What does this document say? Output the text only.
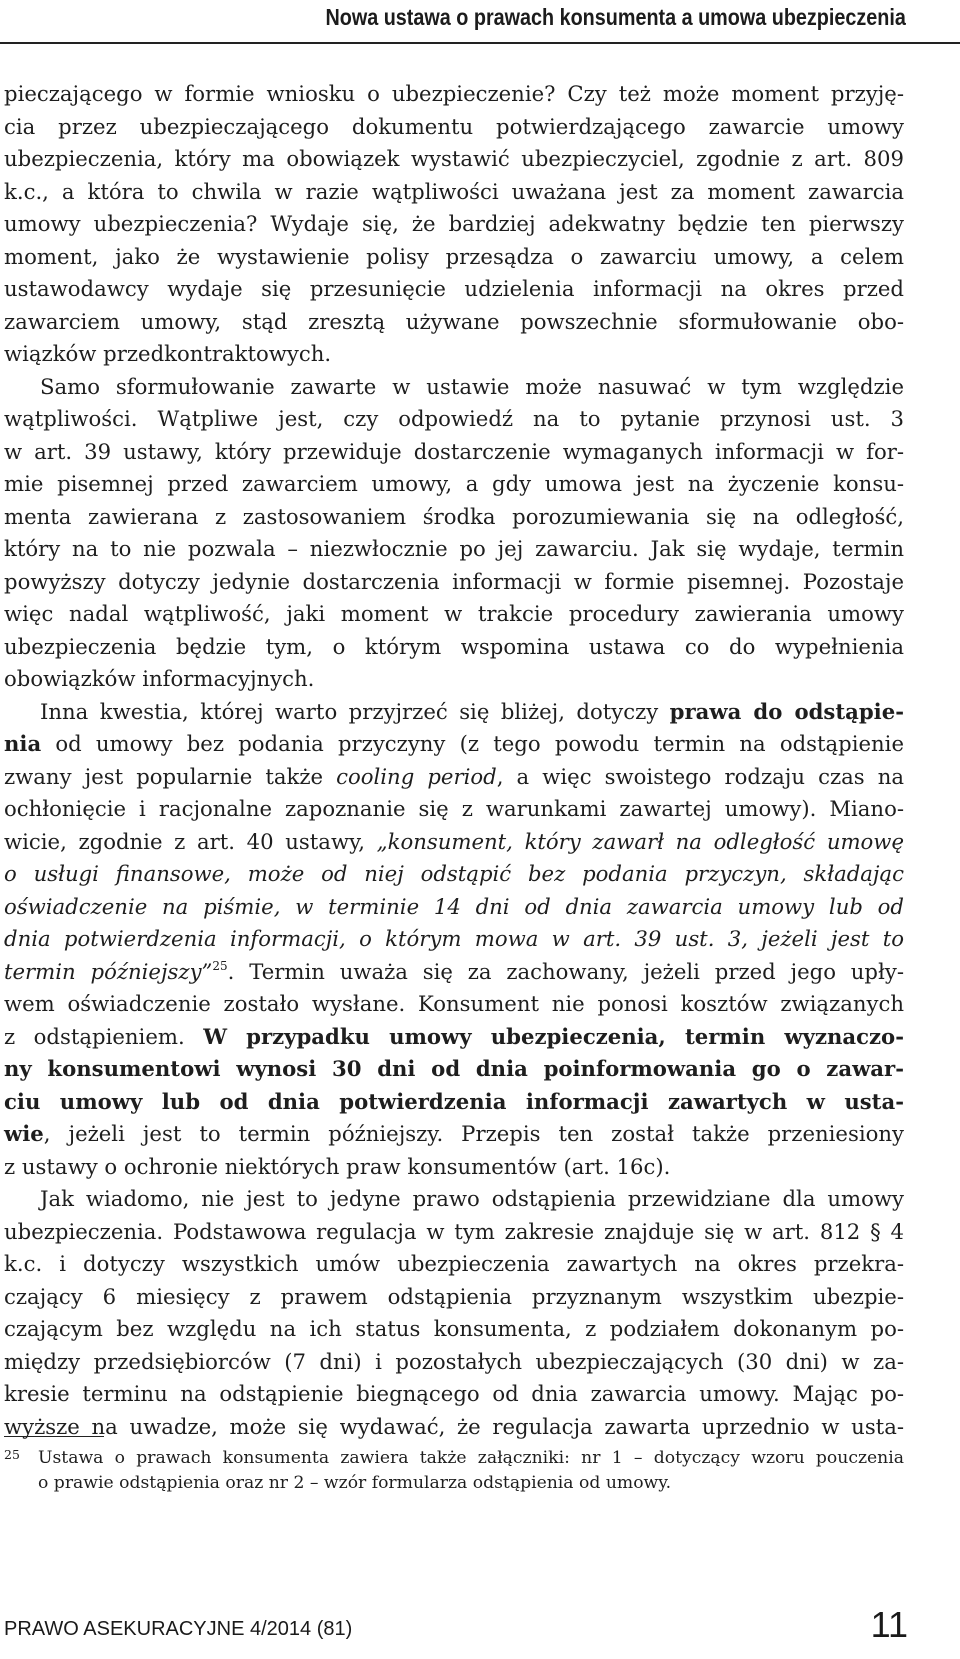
Nowa ustawa o prawach konsumenta a umowa ubezpieczenia
pieczającego w formie wniosku o ubezpieczenie? Czy też może moment przyję-
cia przez ubezpieczającego dokumentu potwierdzającego zawarcie umowy
ubezpieczenia, który ma obowiązek wystawić ubezpieczyciel, zgodnie z art. 809
k.c., a która to chwila w razie wątpliwości uważana jest za moment zawarcia
umowy ubezpieczenia? Wydaje się, że bardziej adekwatny będzie ten pierwszy
moment, jako że wystawienie polisy przesądza o zawarciu umowy, a celem
ustawodawcy wydaje się przesunięcie udzielenia informacji na okres przed
zawarciem umowy, stąd zresztą używane powszechnie sformułowanie obo-
wiązków przedkontraktowych.
Samo sformułowanie zawarte w ustawie może nasuwać w tym względzie
wątpliwości. Wątpliwe jest, czy odpowiedź na to pytanie przynosi ust. 3
w art. 39 ustawy, który przewiduje dostarczenie wymaganych informacji w for-
mie pisemnej przed zawarciem umowy, a gdy umowa jest na życzenie konsu-
menta zawierana z zastosowaniem środka porozumiewania się na odległość,
który na to nie pozwala – niezwłocznie po jej zawarciu. Jak się wydaje, termin
powyższy dotyczy jedynie dostarczenia informacji w formie pisemnej. Pozostaje
więc nadal wątpliwość, jaki moment w trakcie procedury zawierania umowy
ubezpieczenia będzie tym, o którym wspomina ustawa co do wypełnienia
obowiązków informacyjnych.
Inna kwestia, której warto przyjrzeć się bliżej, dotyczy prawa do odstąpie-
nia od umowy bez podania przyczyny (z tego powodu termin na odstąpienie
zwany jest popularnie także cooling period, a więc swoistego rodzaju czas na
ochłonięcie i racjonalne zapoznanie się z warunkami zawartej umowy). Miano-
wicie, zgodnie z art. 40 ustawy, „konsument, który zawarł na odległość umowę
o usługi finansowe, może od niej odstąpić bez podania przyczyn, składając
oświadczenie na piśmie, w terminie 14 dni od dnia zawarcia umowy lub od
dnia potwierdzenia informacji, o którym mowa w art. 39 ust. 3, jeżeli jest to
termin późniejszy”$^{25}$. Termin uważa się za zachowany, jeżeli przed jego upły-
wem oświadczenie zostało wysłane. Konsument nie ponosi kosztów związanych
z odstąpieniem. W przypadku umowy ubezpieczenia, termin wyznaczo-
ny konsumentowi wynosi 30 dni od dnia poinformowania go o zawar-
ciu umowy lub od dnia potwierdzenia informacji zawartych w usta-
wie, jeżeli jest to termin późniejszy. Przepis ten został także przeniesiony
z ustawy o ochronie niektórych praw konsumentów (art. 16c).
Jak wiadomo, nie jest to jedyne prawo odstąpienia przewidziane dla umowy
ubezpieczenia. Podstawowa regulacja w tym zakresie znajduje się w art. 812 § 4
k.c. i dotyczy wszystkich umów ubezpieczenia zawartych na okres przekra-
czający 6 miesięcy z prawem odstąpienia przyznanym wszystkim ubezpie-
czającym bez względu na ich status konsumenta, z podziałem dokonanym po-
między przedsiębiorców (7 dni) i pozostałych ubezpieczających (30 dni) w za-
kresie terminu na odstąpienie biegnącego od dnia zawarcia umowy. Mając po-
wyższe na uwadze, może się wydawać, że regulacja zawarta uprzednio w usta-
25	Ustawa o prawach konsumenta zawiera także załączniki: nr 1 – dotyczący wzoru pouczenia
o prawie odstąpienia oraz nr 2 – wzór formularza odstąpienia od umowy.
PRAWO ASEKURACYJNE 4/2014 (81)	11
